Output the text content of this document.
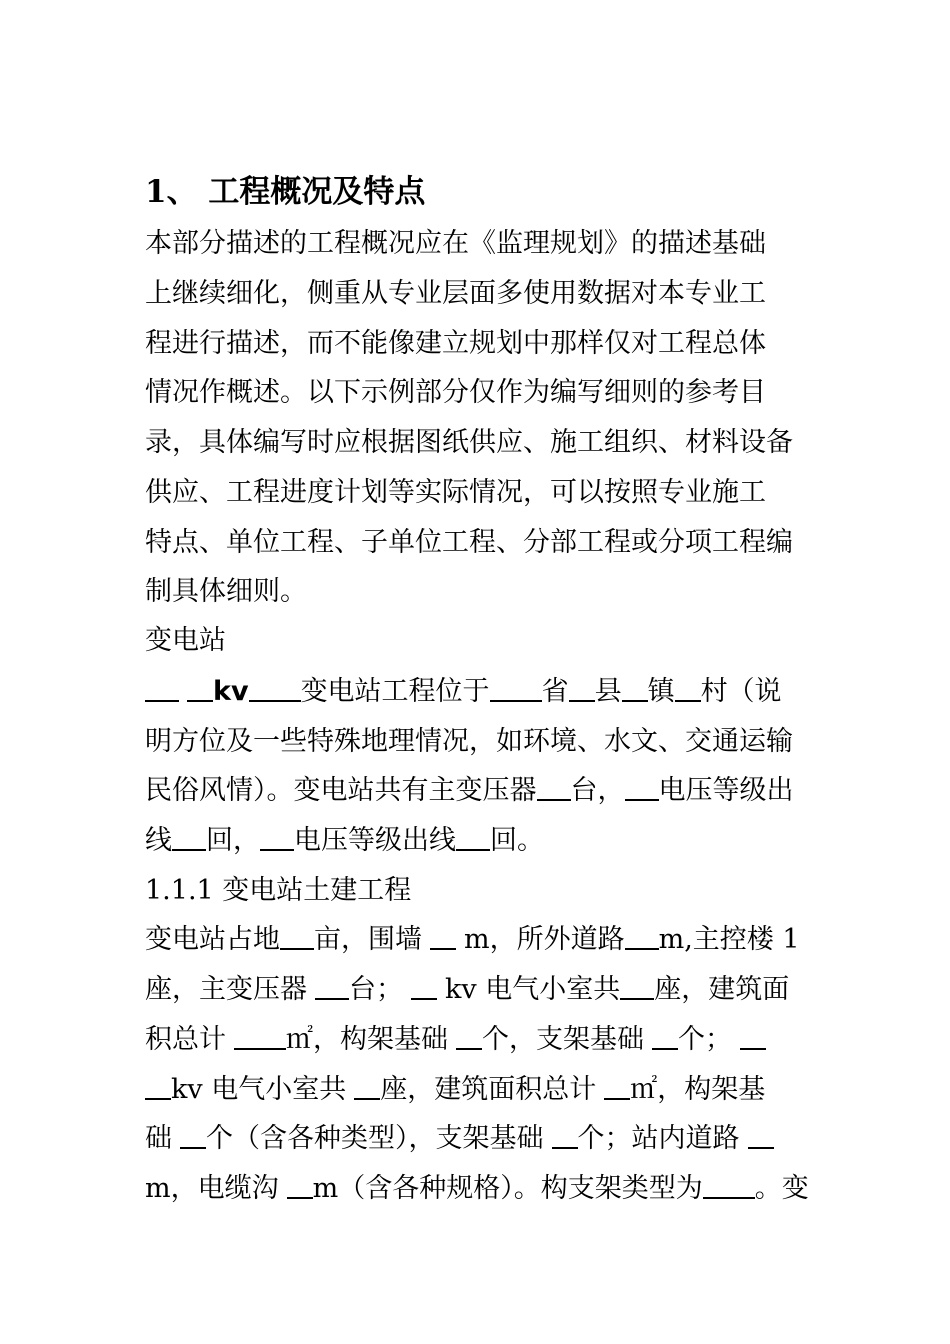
1、 工程概况及特点
本部分描述的工程概况应在《监理规划》的描述基础
上继续细化，侧重从专业层面多使用数据对本专业工
程进行描述，而不能像建立规划中那样仅对工程总体
情况作概述。以下示例部分仅作为编写细则的参考目
录，具体编写时应根据图纸供应、施工组织、材料设备
供应、工程进度计划等实际情况，可以按照专业施工
特点、单位工程、子单位工程、分部工程或分项工程编
制具体细则。
变电站
kv 变电站工程位于 省 县 镇 村（说
明方位及一些特殊地理情况，如环境、水文、交通运输
民俗风情）。变电站共有主变压器 台， 电压等级出
线 回， 电压等级出线 回。
1.1.1 变电站土建工程
变电站占地 亩，围墙 m，所外道路 m,主控楼 1
座，主变压器 台； kv 电气小室共 座，建筑面
积总计 ㎡，构架基础 个，支架基础 个；
kv 电气小室共 座，建筑面积总计 ㎡，构架基
础 个（含各种类型），支架基础 个；站内道路
m，电缆沟 m（含各种规格）。构支架类型为 。变
